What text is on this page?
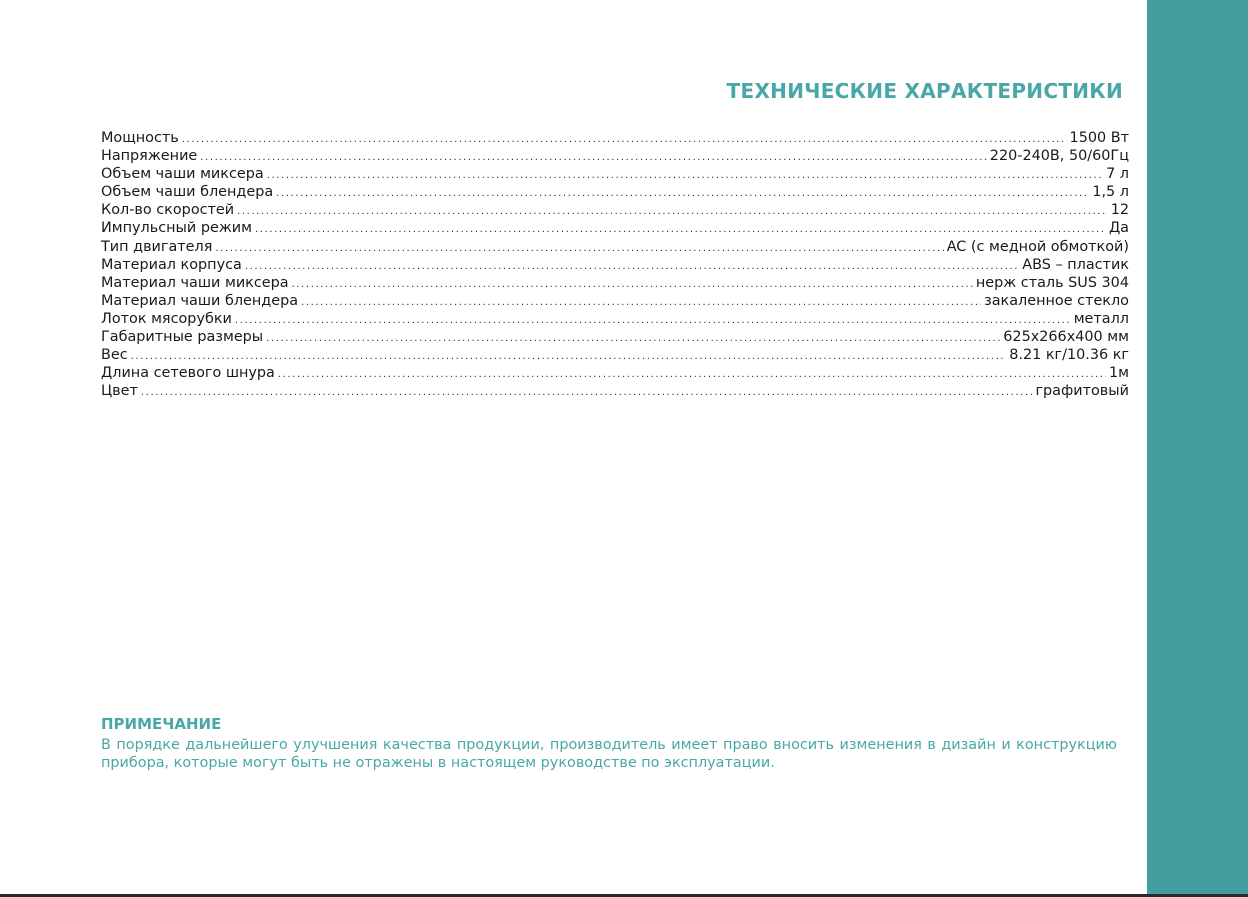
ТЕХНИЧЕСКИЕ ХАРАКТЕРИСТИКИ
Мощность .....	1500 Вт
Напряжение .....	220-240В, 50/60Гц
Объем чаши миксера .....	7 л
Объем чаши блендера .....	1,5 л
Кол-во скоростей .....	12
Импульсный режим .....	Да
Тип двигателя .....	AC (с медной обмоткой)
Материал корпуса .....	ABS – пластик
Материал чаши миксера .....	нерж сталь SUS 304
Материал чаши блендера .....	закаленное стекло
Лоток мясорубки .....	металл
Габаритные размеры .....	625x266x400 мм
Вес .....	8.21 кг/10.36 кг
Длина сетевого шнура .....	1м
Цвет .....	графитовый
ПРИМЕЧАНИЕ

В порядке дальнейшего улучшения качества продукции, производитель имеет право вносить изменения в дизайн и конструкцию прибора, которые могут быть не отражены в настоящем руководстве по эксплуатации.
